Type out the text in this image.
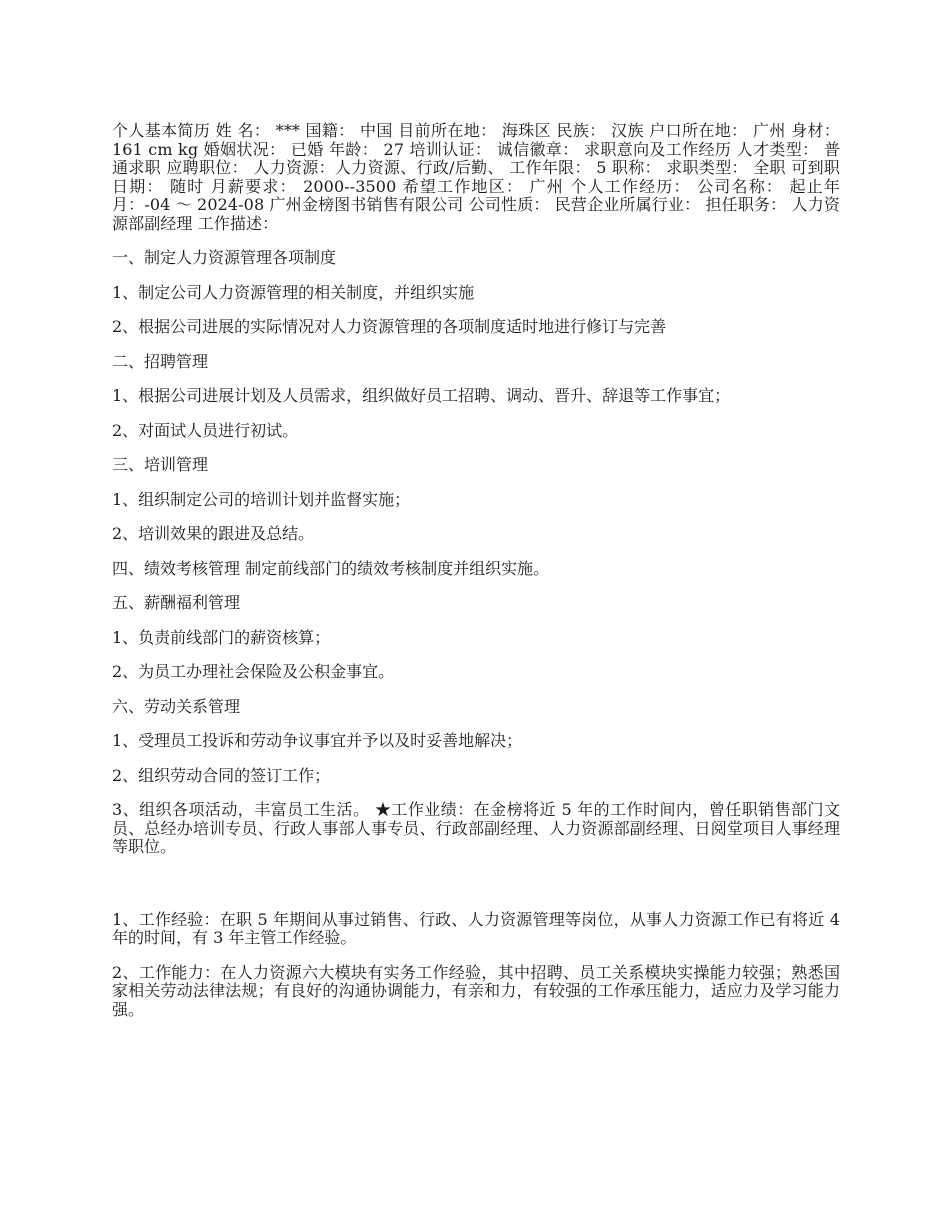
个人基本简历 姓 名： *** 国籍： 中国 目前所在地： 海珠区 民族： 汉族 户口所在地： 广州 身材： 161 cm kg 婚姻状况： 已婚 年龄： 27 培训认证： 诚信徽章： 求职意向及工作经历 人才类型： 普通求职 应聘职位： 人力资源：人力资源、行政/后勤、 工作年限： 5 职称： 求职类型： 全职 可到职日期： 随时 月薪要求： 2000--3500 希望工作地区： 广州 个人工作经历： 公司名称： 起止年月：-04 ～ 2024-08 广州金榜图书销售有限公司 公司性质： 民营企业所属行业： 担任职务： 人力资源部副经理 工作描述：

一、制定人力资源管理各项制度

1、制定公司人力资源管理的相关制度，并组织实施

2、根据公司进展的实际情况对人力资源管理的各项制度适时地进行修订与完善

二、招聘管理

1、根据公司进展计划及人员需求，组织做好员工招聘、调动、晋升、辞退等工作事宜；

2、对面试人员进行初试。

三、培训管理

1、组织制定公司的培训计划并监督实施；

2、培训效果的跟进及总结。

四、绩效考核管理 制定前线部门的绩效考核制度并组织实施。

五、薪酬福利管理

1、负责前线部门的薪资核算；

2、为员工办理社会保险及公积金事宜。

六、劳动关系管理

1、受理员工投诉和劳动争议事宜并予以及时妥善地解决；

2、组织劳动合同的签订工作；

3、组织各项活动，丰富员工生活。 ★工作业绩：在金榜将近 5 年的工作时间内，曾任职销售部门文员、总经办培训专员、行政人事部人事专员、行政部副经理、人力资源部副经理、日阅堂项目人事经理等职位。

1、工作经验：在职 5 年期间从事过销售、行政、人力资源管理等岗位，从事人力资源工作已有将近 4 年的时间，有 3 年主管工作经验。

2、工作能力：在人力资源六大模块有实务工作经验，其中招聘、员工关系模块实操能力较强；熟悉国家相关劳动法律法规；有良好的沟通协调能力，有亲和力，有较强的工作承压能力，适应力及学习能力强。
